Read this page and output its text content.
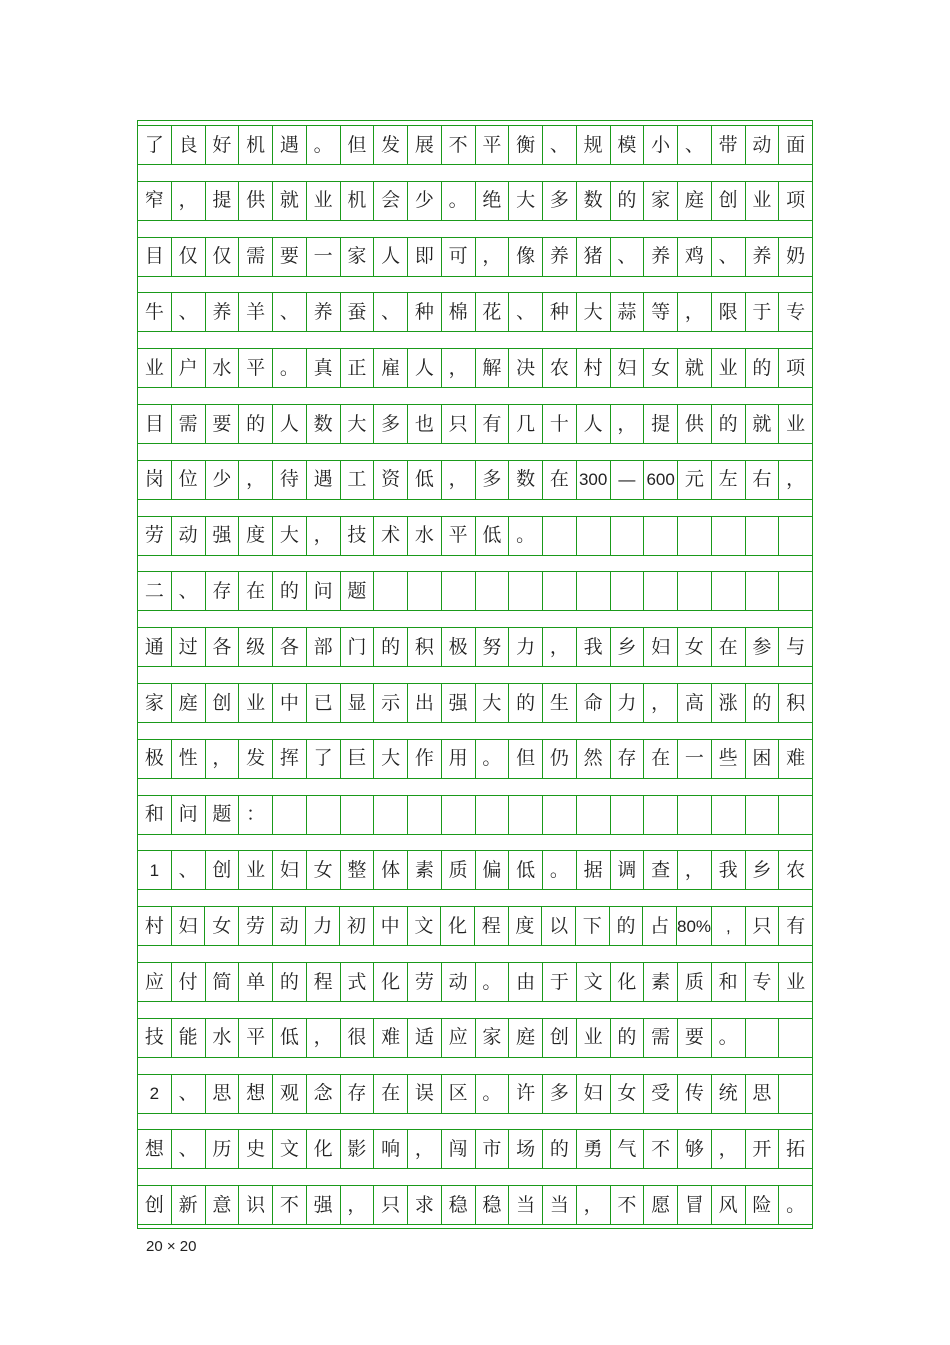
了 良 好 机 遇 。 但 发 展 不 平 衡 、 规 模 小 、 带 动 面
窄 ， 提 供 就 业 机 会 少 。 绝 大 多 数 的 家 庭 创 业 项
目 仅 仅 需 要 一 家 人 即 可 ， 像 养 猪 、 养 鸡 、 养 奶
牛 、 养 羊 、 养 蚕 、 种 棉 花 、 种 大 蒜 等 ， 限 于 专
业 户 水 平 。 真 正 雇 人 ， 解 决 农 村 妇 女 就 业 的 项
目 需 要 的 人 数 大 多 也 只 有 几 十 人 ， 提 供 的 就 业
岗 位 少 ， 待 遇 工 资 低 ， 多 数 在 300 — 600 元 左 右 ，
劳 动 强 度 大 ， 技 术 水 平 低 。
二 、 存 在 的 问 题
通 过 各 级 各 部 门 的 积 极 努 力 ， 我 乡 妇 女 在 参 与
家 庭 创 业 中 已 显 示 出 强 大 的 生 命 力 ， 高 涨 的 积
极 性 ， 发 挥 了 巨 大 作 用 。 但 仍 然 存 在 一 些 困 难
和 问 题 ：
1	、 创 业 妇 女 整 体 素 质 偏 低 。 据 调 查 ， 我 乡 农
村 妇 女 劳 动 力 初 中 文 化 程 度 以 下 的 占 80% ,	只 有
应 付 简 单 的 程 式 化 劳 动 。 由 于 文 化 素 质 和 专 业
技 能 水 平 低 ， 很 难 适 应 家 庭 创 业 的 需 要 。
2	、 思 想 观 念 存 在 误 区 。 许 多 妇 女 受 传 统 思
想 、 历 史 文 化 影 响 ， 闯 市 场 的 勇 气 不 够 ， 开 拓
创 新 意 识 不 强 ， 只 求 稳 稳 当 当 ， 不 愿 冒 风 险 。
20 × 20
